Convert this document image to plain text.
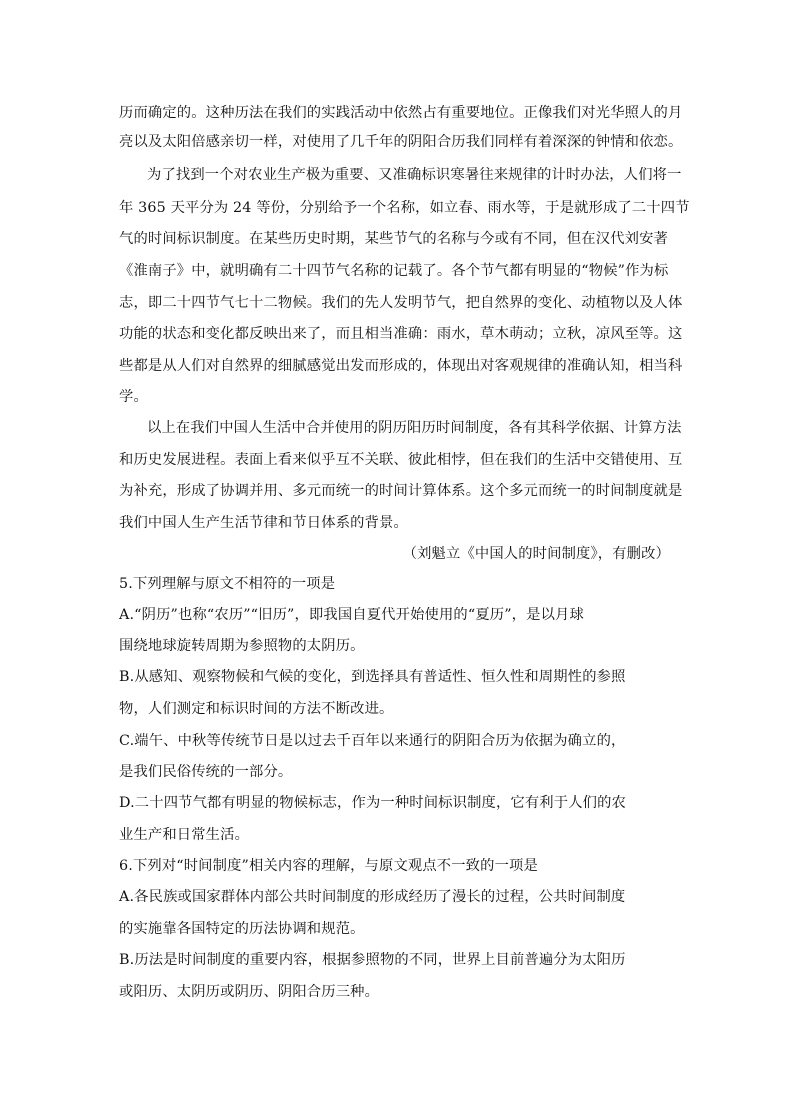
历而确定的。这种历法在我们的实践活动中依然占有重要地位。正像我们对光华照人的月
亮以及太阳倍感亲切一样，对使用了几千年的阴阳合历我们同样有着深深的钟情和依恋。
为了找到一个对农业生产极为重要、又准确标识寒暑往来规律的计时办法，人们将一
年 365 天平分为 24 等份，分别给予一个名称，如立春、雨水等，于是就形成了二十四节
气的时间标识制度。在某些历史时期，某些节气的名称与今或有不同，但在汉代刘安著
《淮南子》中，就明确有二十四节气名称的记载了。各个节气都有明显的“物候”作为标
志，即二十四节气七十二物候。我们的先人发明节气，把自然界的变化、动植物以及人体
功能的状态和变化都反映出来了，而且相当准确：雨水，草木萌动；立秋，凉风至等。这
些都是从人们对自然界的细腻感觉出发而形成的，体现出对客观规律的准确认知，相当科
学。
以上在我们中国人生活中合并使用的阴历阳历时间制度，各有其科学依据、计算方法
和历史发展进程。表面上看来似乎互不关联、彼此相悖，但在我们的生活中交错使用、互
为补充，形成了协调并用、多元而统一的时间计算体系。这个多元而统一的时间制度就是
我们中国人生产生活节律和节日体系的背景。
（刘魁立《中国人的时间制度》，有删改）
5.下列理解与原文不相符的一项是
A.“阴历”也称“农历”“旧历”，即我国自夏代开始使用的“夏历”，是以月球
围绕地球旋转周期为参照物的太阴历。
B.从感知、观察物候和气候的变化，到选择具有普适性、恒久性和周期性的参照
物，人们测定和标识时间的方法不断改进。
C.端午、中秋等传统节日是以过去千百年以来通行的阴阳合历为依据为确立的，
是我们民俗传统的一部分。
D.二十四节气都有明显的物候标志，作为一种时间标识制度，它有利于人们的农
业生产和日常生活。
6.下列对“时间制度”相关内容的理解，与原文观点不一致的一项是
A.各民族或国家群体内部公共时间制度的形成经历了漫长的过程，公共时间制度
的实施靠各国特定的历法协调和规范。
B.历法是时间制度的重要内容，根据参照物的不同，世界上目前普遍分为太阳历
或阳历、太阴历或阴历、阴阳合历三种。
